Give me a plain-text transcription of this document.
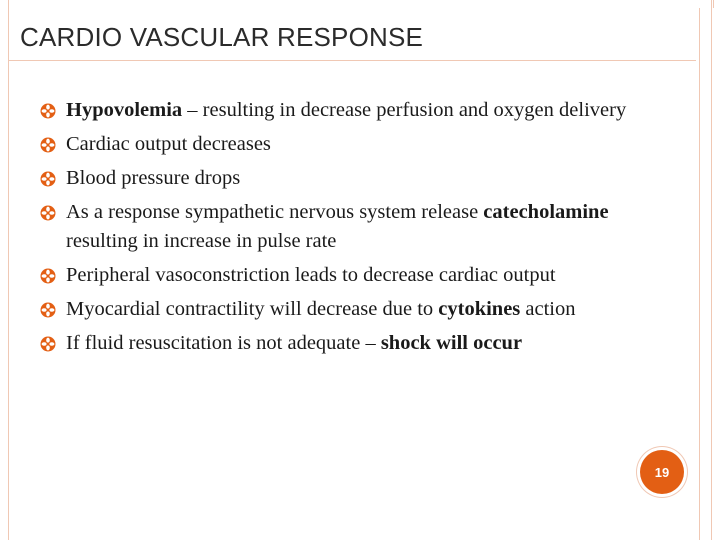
CARDIO VASCULAR RESPONSE
Hypovolemia – resulting in decrease perfusion and oxygen delivery
Cardiac output decreases
Blood pressure drops
As a response sympathetic nervous system release catecholamine resulting in increase in pulse rate
Peripheral vasoconstriction leads to decrease cardiac output
Myocardial contractility will decrease due to cytokines action
If fluid resuscitation is not adequate – shock will occur
19
